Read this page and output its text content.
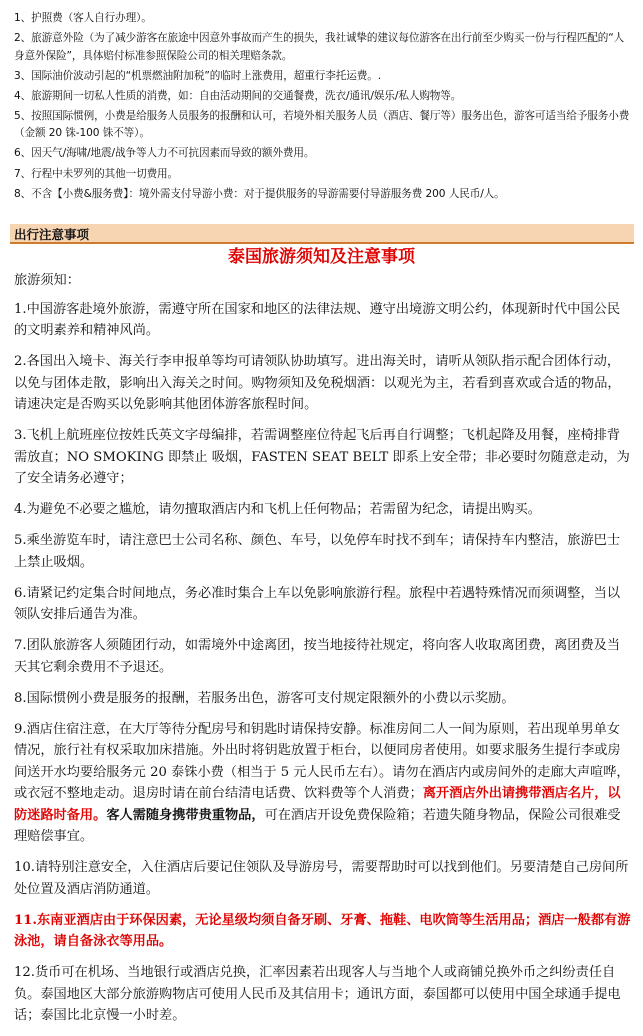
1、护照费（客人自行办理）。
2、旅游意外险（为了减少游客在旅途中因意外事故而产生的损失，我社诚挚的建议每位游客在出行前至少购买一份与行程匹配的“人身意外保险”，具体赔付标准参照保险公司的相关理赔条款。
3、国际油价波动引起的“机票燃油附加税”的临时上涨费用，超重行李托运费。.
4、旅游期间一切私人性质的消费，如：自由活动期间的交通餐费，洗衣/通讯/娱乐/私人购物等。
5、按照国际惯例，小费是给服务人员服务的报酬和认可，若境外相关服务人员（酒店、餐厅等）服务出色，游客可适当给予服务小费（金额 20 铢-100 铢不等）。
6、因天气/海啸/地震/战争等人力不可抗因素而导致的额外费用。
7、行程中未罗列的其他一切费用。
8、不含【小费&服务费】：境外需支付导游小费：对于提供服务的导游需要付导游服务费 200 人民币/人。
出行注意事项
泰国旅游须知及注意事项

旅游须知：

1.中国游客赴境外旅游，需遵守所在国家和地区的法律法规、遵守出境游文明公约，体现新时代中国公民的文明素养和精神风尚。

2.各国出入境卡、海关行李申报单等均可请领队协助填写。进出海关时，请听从领队指示配合团体行动，以免与团体走散，影响出入海关之时间。购物须知及免税烟酒：以观光为主，若看到喜欢或合适的物品，请速决定是否购买以免影响其他团体游客旅程时间。

3.飞机上航班座位按姓氏英文字母编排，若需调整座位待起飞后再自行调整；飞机起降及用餐，座椅排背需放直；NO SMOKING 即禁止 吸烟，FASTEN SEAT BELT 即系上安全带；非必要时勿随意走动，为了安全请务必遵守；

4.为避免不必要之尴尬，请勿擅取酒店内和飞机上任何物品；若需留为纪念，请提出购买。

5.乘坐游览车时，请注意巴士公司名称、颜色、车号，以免停车时找不到车；请保持车内整洁，旅游巴士上禁止吸烟。

6.请紧记约定集合时间地点，务必准时集合上车以免影响旅游行程。旅程中若遇特殊情况而须调整，当以领队安排后通告为准。

7.团队旅游客人须随团行动，如需境外中途离团，按当地接待社规定，将向客人收取离团费，离团费及当天其它剩余费用不予退还。

8.国际惯例小费是服务的报酬，若服务出色，游客可支付规定限额外的小费以示奖励。

9.酒店住宿注意，在大厅等待分配房号和钥匙时请保持安静。标准房间二人一间为原则，若出现单男单女情况，旅行社有权采取加床措施。外出时将钥匙放置于柜台，以便同房者使用。如要求服务生提行李或房间送开水均要给服务元 20 泰铢小费（相当于 5 元人民币左右）。请勿在酒店内或房间外的走廊大声喧哗，或衣冠不整地走动。退房时请在前台结清电话费、饮料费等个人消费；离开酒店外出请携带酒店名片，以防迷路时备用。客人需随身携带贵重物品，可在酒店开设免费保险箱；若遗失随身物品，保险公司很难受理赔偿事宜。

10.请特别注意安全，入住酒店后要记住领队及导游房号，需要帮助时可以找到他们。另要清楚自己房间所处位置及酒店消防通道。

11.东南亚酒店由于环保因素，无论星级均须自备牙刷、牙膏、拖鞋、电吹筒等生活用品；酒店一般都有游泳池，请自备泳衣等用品。

12.货币可在机场、当地银行或酒店兑换，汇率因素若出现客人与当地个人或商铺兑换外币之纠纷责任自负。泰国地区大部分旅游购物店可使用人民币及其信用卡；通讯方面，泰国都可以使用中国全球通手提电话；泰国比北京慢一小时差。
